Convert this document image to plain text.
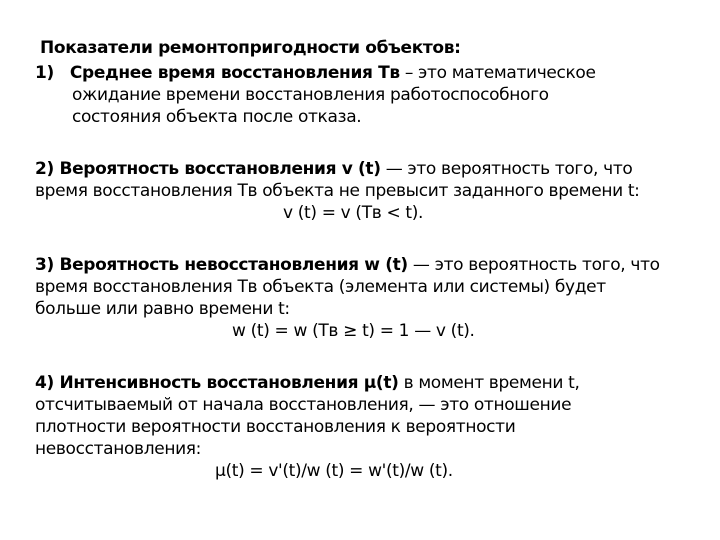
Показатели ремонтопригодности объектов:
1) Среднее время восстановления Тв – это математическое
ожидание времени восстановления работоспособного
состояния объекта после отказа.
2) Вероятность восстановления v (t) — это вероятность того, что
время восстановления Тв объекта не превысит заданного времени t:
v (t) = v (Тв < t).
3) Вероятность невосстановления w (t) — это вероятность того, что
время восстановления Тв объекта (элемента или системы) будет
больше или равно времени t:
w (t) = w (Тв ≥ t) = 1 — v (t).
4) Интенсивность восстановления μ(t) в момент времени t,
отсчитываемый от начала восстановления, — это отношение
плотности вероятности восстановления к вероятности
невосстановления:
μ(t) = v'(t)/w (t) = w'(t)/w (t).
